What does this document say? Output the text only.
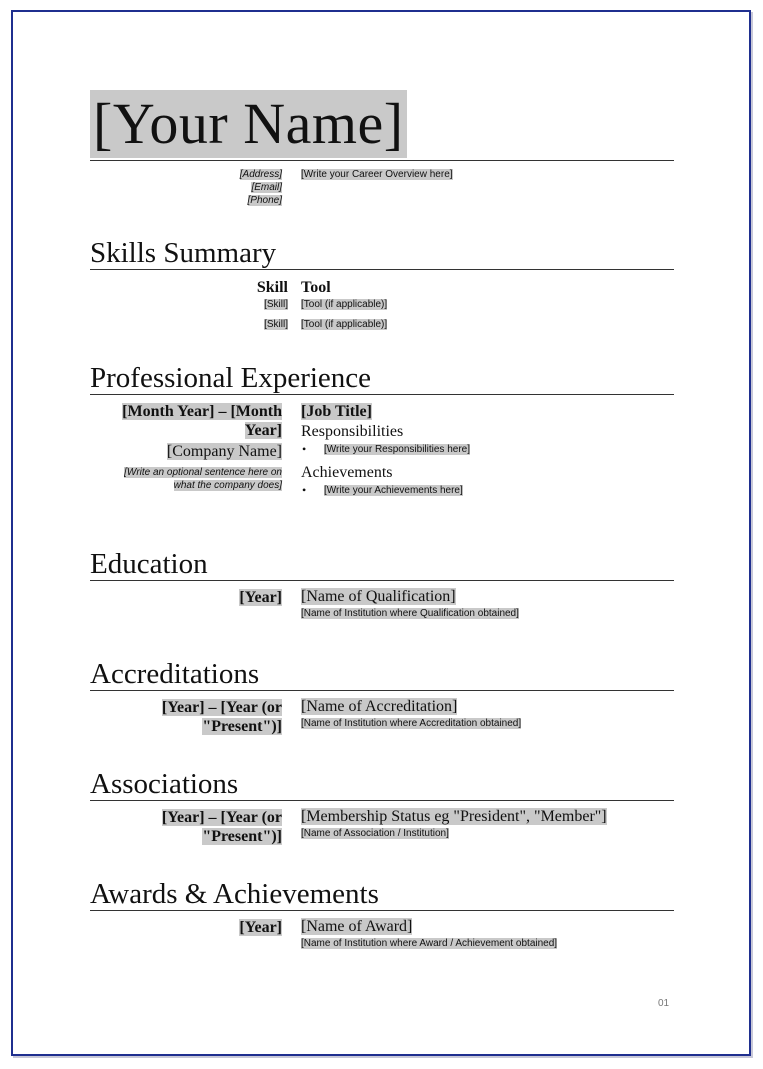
[Your Name]
[Address]
[Email]
[Phone]
[Write your Career Overview here]
Skills Summary
Skill Tool
[Skill] [Tool (if applicable)]
[Skill] [Tool (if applicable)]
Professional Experience
[Month Year] – [Month
Year]
[Company Name]
[Write an optional sentence here on
what the company does]
[Job Title]
Responsibilities
• [Write your Responsibilities here]
Achievements
• [Write your Achievements here]
Education
[Year] [Name of Qualification]
[Name of Institution where Qualification obtained]
Accreditations
[Year] – [Year (or
"Present")]
[Name of Accreditation]
[Name of Institution where Accreditation obtained]
Associations
[Year] – [Year (or
"Present")]
[Membership Status eg "President", "Member"]
[Name of Association / Institution]
Awards & Achievements
[Year] [Name of Award]
[Name of Institution where Award / Achievement obtained]
01
